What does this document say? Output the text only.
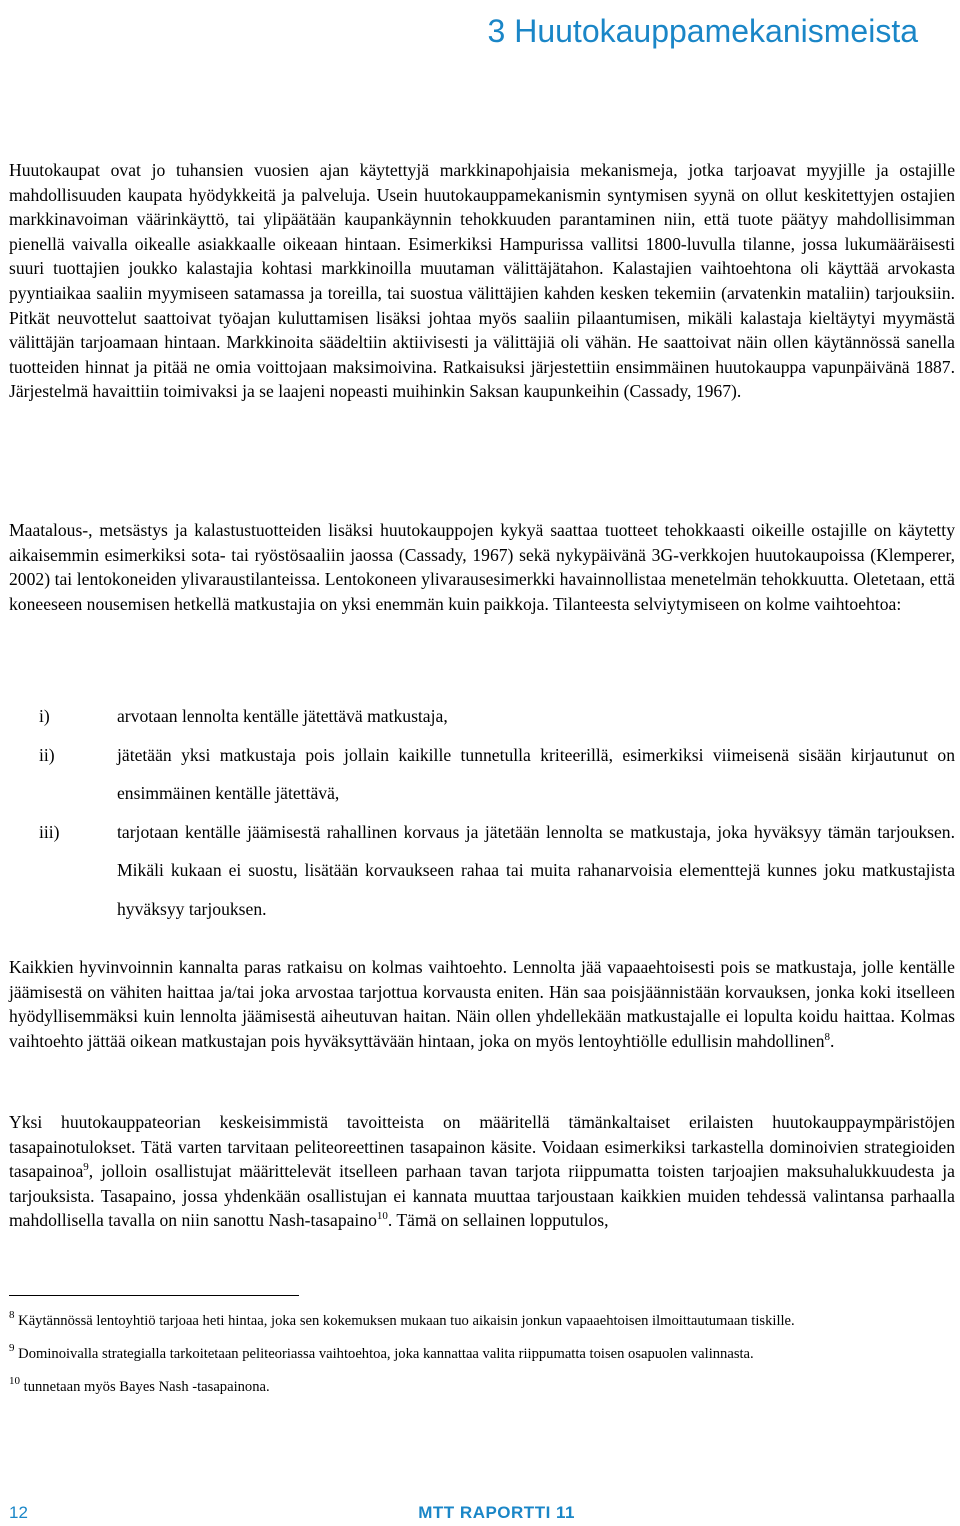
3 Huutokauppamekanismeista

Huutokaupat ovat jo tuhansien vuosien ajan käytettyjä markkinapohjaisia mekanismeja, jotka tarjoavat myyjille ja ostajille mahdollisuuden kaupata hyödykkeitä ja palveluja. Usein huutokauppamekanismin syntymisen syynä on ollut keskitettyjen ostajien markkinavoiman väärinkäyttö, tai ylipäätään kaupankäynnin tehokkuuden parantaminen niin, että tuote päätyy mahdollisimman pienellä vaivalla oikealle asiakkaalle oikeaan hintaan. Esimerkiksi Hampurissa vallitsi 1800-luvulla tilanne, jossa lukumääräisesti suuri tuottajien joukko kalastajia kohtasi markkinoilla muutaman välittäjätahon. Kalastajien vaihtoehtona oli käyttää arvokasta pyyntiaikaa saaliin myymiseen satamassa ja toreilla, tai suostua välittäjien kahden kesken tekemiin (arvatenkin mataliin) tarjouksiin. Pitkät neuvottelut saattoivat työajan kuluttamisen lisäksi johtaa myös saaliin pilaantumisen, mikäli kalastaja kieltäytyi myymästä välittäjän tarjoamaan hintaan. Markkinoita säädeltiin aktiivisesti ja välittäjiä oli vähän. He saattoivat näin ollen käytännössä sanella tuotteiden hinnat ja pitää ne omia voittojaan maksimoivina. Ratkaisuksi järjestettiin ensimmäinen huutokauppa vapunpäivänä 1887. Järjestelmä havaittiin toimivaksi ja se laajeni nopeasti muihinkin Saksan kaupunkeihin (Cassady, 1967).

Maatalous-, metsästys ja kalastustuotteiden lisäksi huutokauppojen kykyä saattaa tuotteet tehokkaasti oikeille ostajille on käytetty aikaisemmin esimerkiksi sota- tai ryöstösaaliin jaossa (Cassady, 1967) sekä nykypäivänä 3G-verkkojen huutokaupoissa (Klemperer, 2002) tai lentokoneiden ylivaraustilanteissa. Lentokoneen ylivarausesimerkki havainnollistaa menetelmän tehokkuutta. Oletetaan, että koneeseen nousemisen hetkellä matkustajia on yksi enemmän kuin paikkoja. Tilanteesta selviytymiseen on kolme vaihtoehtoa:

i)	arvotaan lennolta kentälle jätettävä matkustaja,
ii)	jätetään yksi matkustaja pois jollain kaikille tunnetulla kriteerillä, esimerkiksi viimeisenä sisään kirjautunut on ensimmäinen kentälle jätettävä,
iii)	tarjotaan kentälle jäämisestä rahallinen korvaus ja jätetään lennolta se matkustaja, joka hyväksyy tämän tarjouksen. Mikäli kukaan ei suostu, lisätään korvaukseen rahaa tai muita rahanarvoisia elementtejä kunnes joku matkustajista hyväksyy tarjouksen.

Kaikkien hyvinvoinnin kannalta paras ratkaisu on kolmas vaihtoehto. Lennolta jää vapaaehtoisesti pois se matkustaja, jolle kentälle jäämisestä on vähiten haittaa ja/tai joka arvostaa tarjottua korvausta eniten. Hän saa poisjäännistään korvauksen, jonka koki itselleen hyödyllisemmäksi kuin lennolta jäämisestä aiheutuvan haitan. Näin ollen yhdellekään matkustajalle ei lopulta koidu haittaa. Kolmas vaihtoehto jättää oikean matkustajan pois hyväksyttävään hintaan, joka on myös lentoyhtiölle edullisin mahdollinen$^8$.

Yksi huutokauppateorian keskeisimmistä tavoitteista on määritellä tämänkaltaiset erilaisten huutokauppaympäristöjen tasapainotulokset. Tätä varten tarvitaan peliteoreettinen tasapainon käsite. Voidaan esimerkiksi tarkastella dominoivien strategioiden tasapainoa$^9$, jolloin osallistujat määrittelevät itselleen parhaan tavan tarjota riippumatta toisten tarjoajien maksuhalukkuudesta ja tarjouksista. Tasapaino, jossa yhdenkään osallistujan ei kannata muuttaa tarjoustaan kaikkien muiden tehdessä valintansa parhaalla mahdollisella tavalla on niin sanottu Nash-tasapaino$^{10}$. Tämä on sellainen lopputulos,

$^8$ Käytännössä lentoyhtiö tarjoaa heti hintaa, joka sen kokemuksen mukaan tuo aikaisin jonkun vapaaehtoisen ilmoittautumaan tiskille.

$^9$ Dominoivalla strategialla tarkoitetaan peliteoriassa vaihtoehtoa, joka kannattaa valita riippumatta toisen osapuolen valinnasta.

$^{10}$ tunnetaan myös Bayes Nash -tasapainona.

12	MTT RAPORTTI 11
